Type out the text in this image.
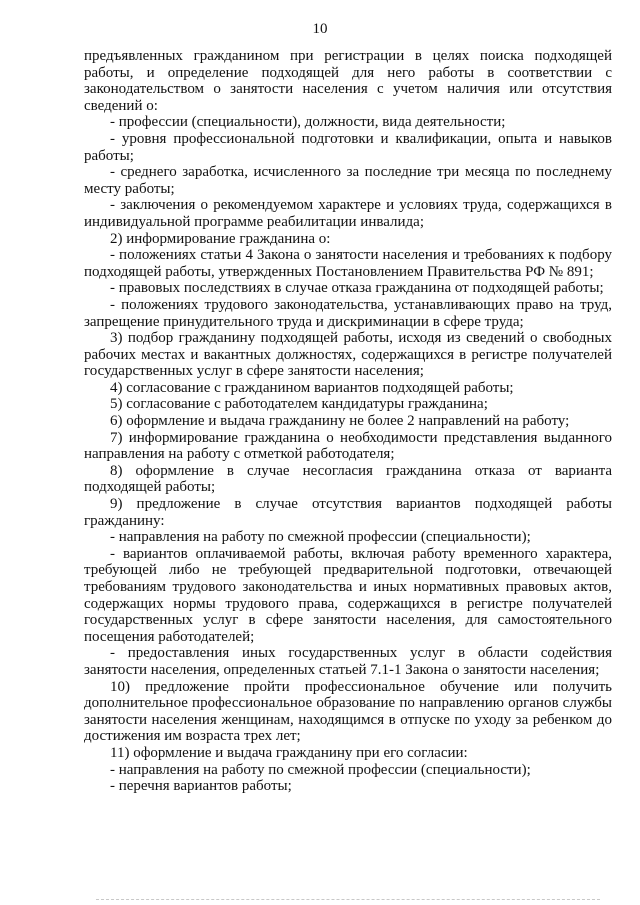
10

предъявленных гражданином при регистрации в целях поиска подходящей работы, и определение подходящей для него работы в соответствии с законодательством о занятости населения с учетом наличия или отсутствия сведений о:

- профессии (специальности), должности, вида деятельности;

- уровня профессиональной подготовки и квалификации, опыта и навыков работы;

- среднего заработка, исчисленного за последние три месяца по последнему месту работы;

- заключения о рекомендуемом характере и условиях труда, содержащихся в индивидуальной программе реабилитации инвалида;

2) информирование гражданина о:

- положениях статьи 4 Закона о занятости населения и требованиях к подбору подходящей работы, утвержденных Постановлением Правительства РФ № 891;

- правовых последствиях в случае отказа гражданина от подходящей работы;

- положениях трудового законодательства, устанавливающих право на труд, запрещение принудительного труда и дискриминации в сфере труда;

3) подбор гражданину подходящей работы, исходя из сведений о свободных рабочих местах и вакантных должностях, содержащихся в регистре получателей государственных услуг в сфере занятости населения;

4) согласование с гражданином вариантов подходящей работы;

5) согласование с работодателем кандидатуры гражданина;

6) оформление и выдача гражданину не более 2 направлений на работу;

7) информирование гражданина о необходимости представления выданного направления на работу с отметкой работодателя;

8) оформление в случае несогласия гражданина отказа от варианта подходящей работы;

9) предложение в случае отсутствия вариантов подходящей работы гражданину:

- направления на работу по смежной профессии (специальности);

- вариантов оплачиваемой работы, включая работу временного характера, требующей либо не требующей предварительной подготовки, отвечающей требованиям трудового законодательства и иных нормативных правовых актов, содержащих нормы трудового права, содержащихся в регистре получателей государственных услуг в сфере занятости населения, для самостоятельного посещения работодателей;

- предоставления иных государственных услуг в области содействия занятости населения, определенных статьей 7.1-1 Закона о занятости населения;

10) предложение пройти профессиональное обучение или получить дополнительное профессиональное образование по направлению органов службы занятости населения женщинам, находящимся в отпуске по уходу за ребенком до достижения им возраста трех лет;

11) оформление и выдача гражданину при его согласии:

- направления на работу по смежной профессии (специальности);

- перечня вариантов работы;
